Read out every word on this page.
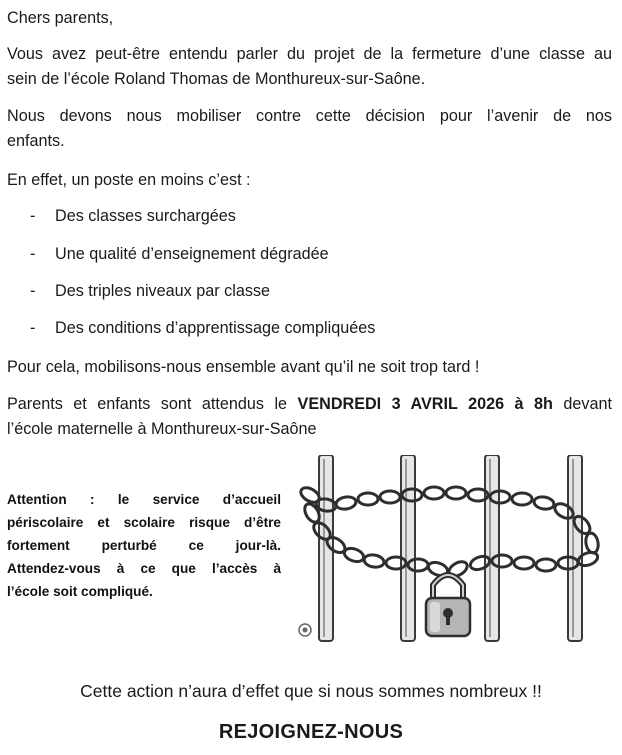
Chers parents,

Vous avez peut-être entendu parler du projet de la fermeture d’une classe au

sein de l’école Roland Thomas de Monthureux-sur-Saône.

Nous devons nous mobiliser contre cette décision pour l’avenir de nos

enfants.

En effet, un poste en moins c’est :

- Des classes surchargées
- Une qualité d’enseignement dégradée
- Des triples niveaux par classe
- Des conditions d’apprentissage compliquées

Pour cela, mobilisons-nous ensemble avant qu’il ne soit trop tard !

Parents et enfants sont attendus le VENDREDI 3 AVRIL 2026 à 8h devant

l’école maternelle à Monthureux-sur-Saône

Attention : le service d’accueil
périscolaire et scolaire risque d’être
fortement perturbé ce jour-là.
Attendez-vous à ce que l’accès à
l’école soit compliqué.
Cette action n’aura d’effet que si nous sommes nombreux !!
REJOIGNEZ-NOUS
